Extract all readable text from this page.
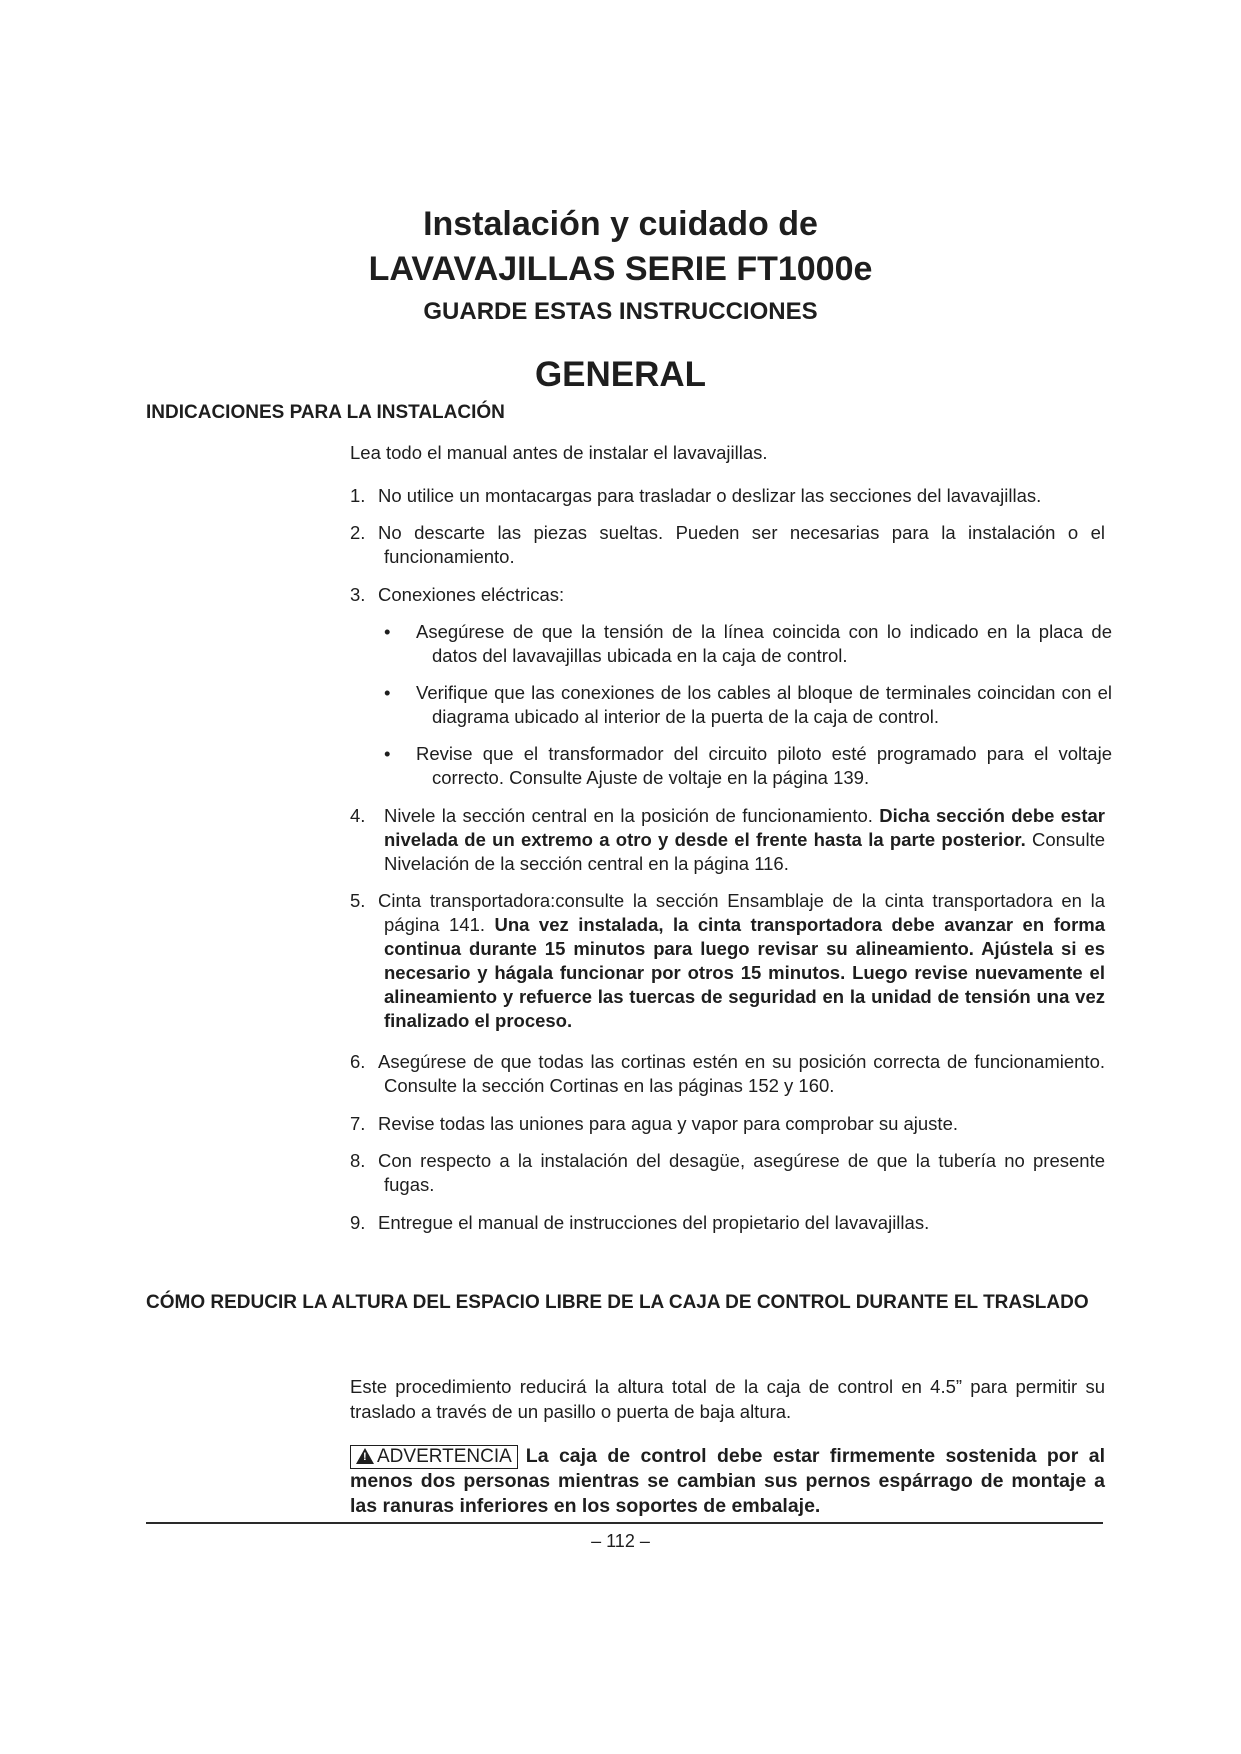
Instalación y cuidado de
LAVAVAJILLAS SERIE FT1000e
GUARDE ESTAS INSTRUCCIONES
GENERAL
INDICACIONES PARA LA INSTALACIÓN
Lea todo el manual antes de instalar el lavavajillas.
1. No utilice un montacargas para trasladar o deslizar las secciones del lavavajillas.
2. No descarte las piezas sueltas. Pueden ser necesarias para la instalación o el funcionamiento.
3. Conexiones eléctricas:
•	Asegúrese de que la tensión de la línea coincida con lo indicado en la placa de datos del lavavajillas ubicada en la caja de control.
•	Verifique que las conexiones de los cables al bloque de terminales coincidan con el diagrama ubicado al interior de la puerta de la caja de control.
•	Revise que el transformador del circuito piloto esté programado para el voltaje correcto. Consulte Ajuste de voltaje en la página 139.
4.	Nivele la sección central en la posición de funcionamiento. Dicha sección debe estar nivelada de un extremo a otro y desde el frente hasta la parte posterior. Consulte Nivelación de la sección central en la página 116.
5. Cinta transportadora:consulte la sección Ensamblaje de la cinta transportadora en la página 141. Una vez instalada, la cinta transportadora debe avanzar en forma continua durante 15 minutos para luego revisar su alineamiento. Ajústela si es necesario y hágala funcionar por otros 15 minutos. Luego revise nuevamente el alineamiento y refuerce las tuercas de seguridad en la unidad de tensión una vez finalizado el proceso.
6. Asegúrese de que todas las cortinas estén en su posición correcta de funcionamiento. Consulte la sección Cortinas en las páginas 152 y 160.
7. Revise todas las uniones para agua y vapor para comprobar su ajuste.
8. Con respecto a la instalación del desagüe, asegúrese de que la tubería no presente fugas.
9. Entregue el manual de instrucciones del propietario del lavavajillas.
CÓMO REDUCIR LA ALTURA DEL ESPACIO LIBRE DE LA CAJA DE CONTROL DURANTE EL TRASLADO
Este procedimiento reducirá la altura total de la caja de control en 4.5” para permitir su traslado a través de un pasillo o puerta de baja altura.
! ADVERTENCIA La caja de control debe estar firmemente sostenida por al menos dos personas mientras se cambian sus pernos espárrago de montaje a las ranuras inferiores en los soportes de embalaje.
– 112 –
